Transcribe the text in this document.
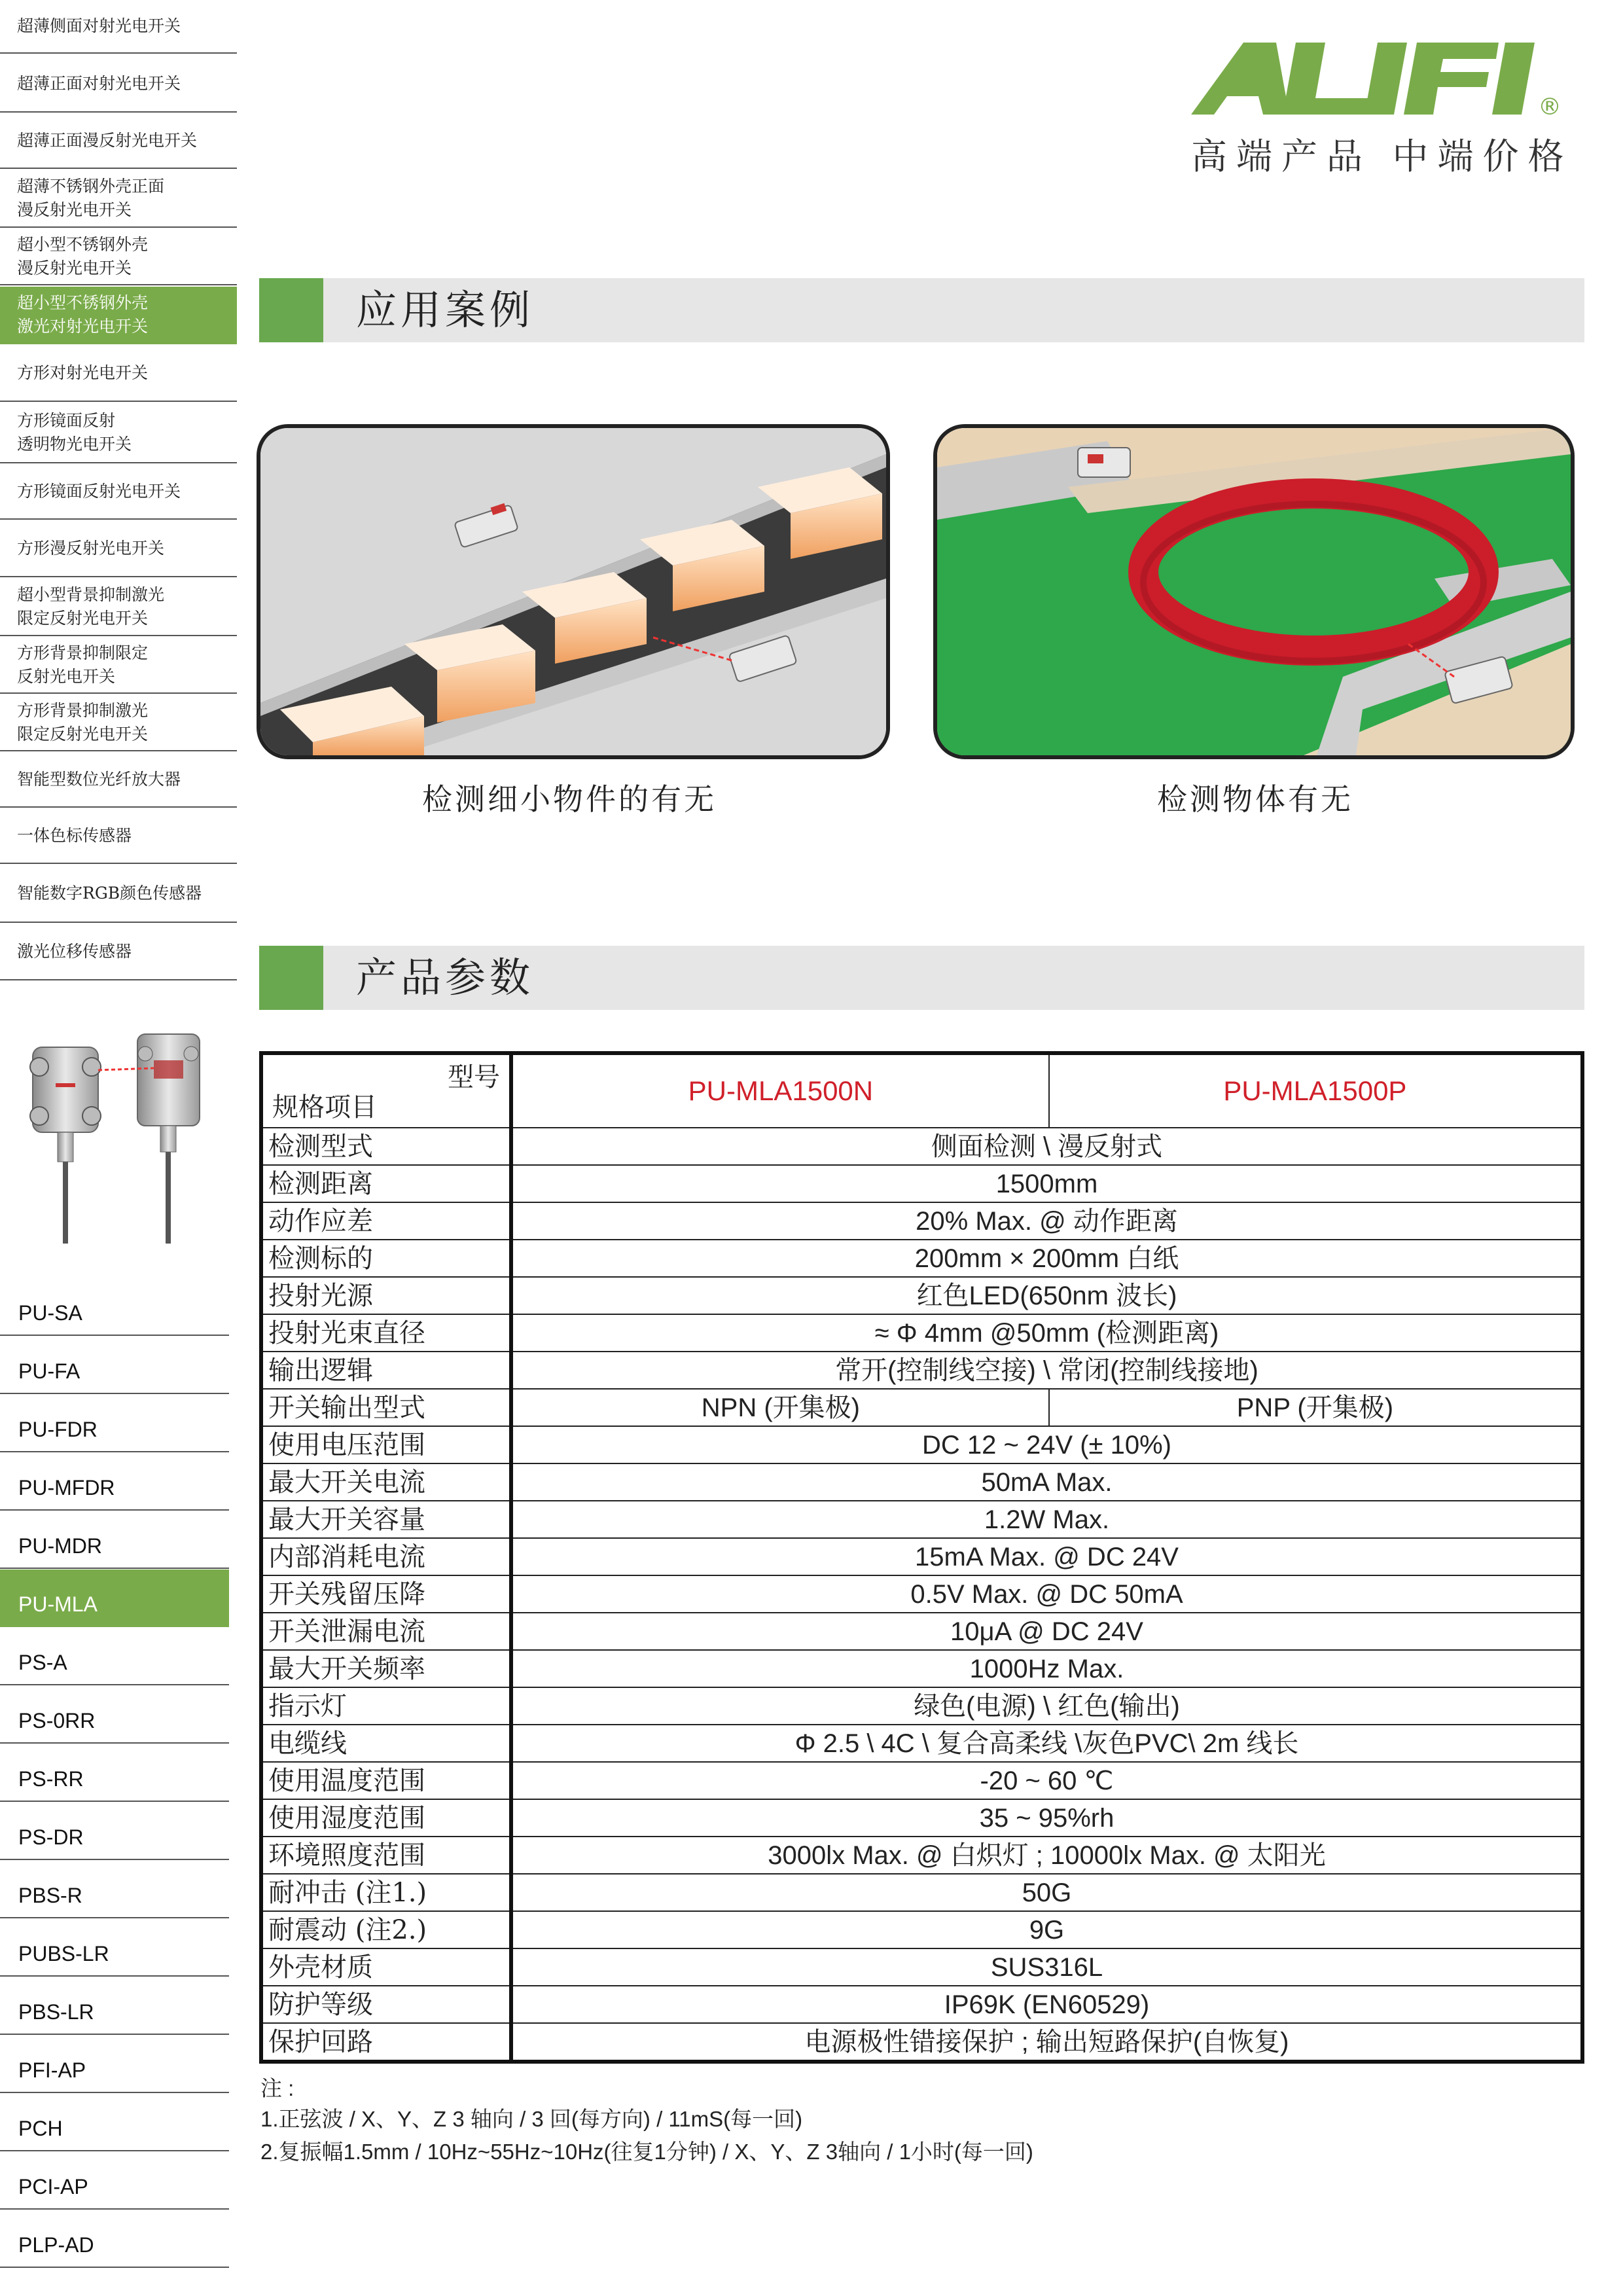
超薄侧面对射光电开关
超薄正面对射光电开关
超薄正面漫反射光电开关
超薄不锈钢外壳正面
漫反射光电开关
超小型不锈钢外壳
漫反射光电开关
超小型不锈钢外壳
激光对射光电开关
方形对射光电开关
方形镜面反射
透明物光电开关
方形镜面反射光电开关
方形漫反射光电开关
超小型背景抑制激光
限定反射光电开关
方形背景抑制限定
反射光电开关
方形背景抑制激光
限定反射光电开关
智能型数位光纤放大器
一体色标传感器
智能数字RGB颜色传感器
激光位移传感器
PU-SA
PU-FA
PU-FDR
PU-MFDR
PU-MDR
PU-MLA
PS-A
PS-0RR
PS-RR
PS-DR
PBS-R
PUBS-LR
PBS-LR
PFI-AP
PCH
PCI-AP
PLP-AD
®
高端产品 中端价格
应用案例
检测细小物件的有无	检测物体有无
产品参数
型号
规格项目	PU-MLA1500N	PU-MLA1500P
检测型式	侧面检测 \ 漫反射式	
检测距离	1500mm	
动作应差	20% Max. @ 动作距离	
检测标的	200mm × 200mm 白纸	
投射光源	红色LED(650nm 波长)	
投射光束直径	≈ Φ 4mm @50mm (检测距离)	
输出逻辑	常开(控制线空接) \ 常闭(控制线接地)	
开关输出型式	NPN (开集极)	PNP (开集极)
使用电压范围	DC 12 ~ 24V (± 10%)	
最大开关电流	50mA Max.	
最大开关容量	1.2W Max.	
内部消耗电流	15mA Max. @ DC 24V	
开关残留压降	0.5V Max. @ DC 50mA	
开关泄漏电流	10μA @ DC 24V	
最大开关频率	1000Hz Max.	
指示灯	绿色(电源) \ 红色(输出)	
电缆线	Φ 2.5 \ 4C \ 复合高柔线 \灰色PVC\ 2m 线长	
使用温度范围	-20 ~ 60 ℃	
使用湿度范围	35 ~ 95%rh	
环境照度范围	3000lx Max. @ 白炽灯 ; 10000lx Max. @ 太阳光	
耐冲击 (注1.)	50G	
耐震动 (注2.)	9G	
外壳材质	SUS316L	
防护等级	IP69K (EN60529)	
保护回路	电源极性错接保护 ; 输出短路保护(自恢复)	
注 :
1.正弦波 / X、Y、Z 3 轴向 / 3 回(每方向) / 11mS(每一回)
2.复振幅1.5mm / 10Hz~55Hz~10Hz(往复1分钟) / X、Y、Z 3轴向 / 1小时(每一回)
